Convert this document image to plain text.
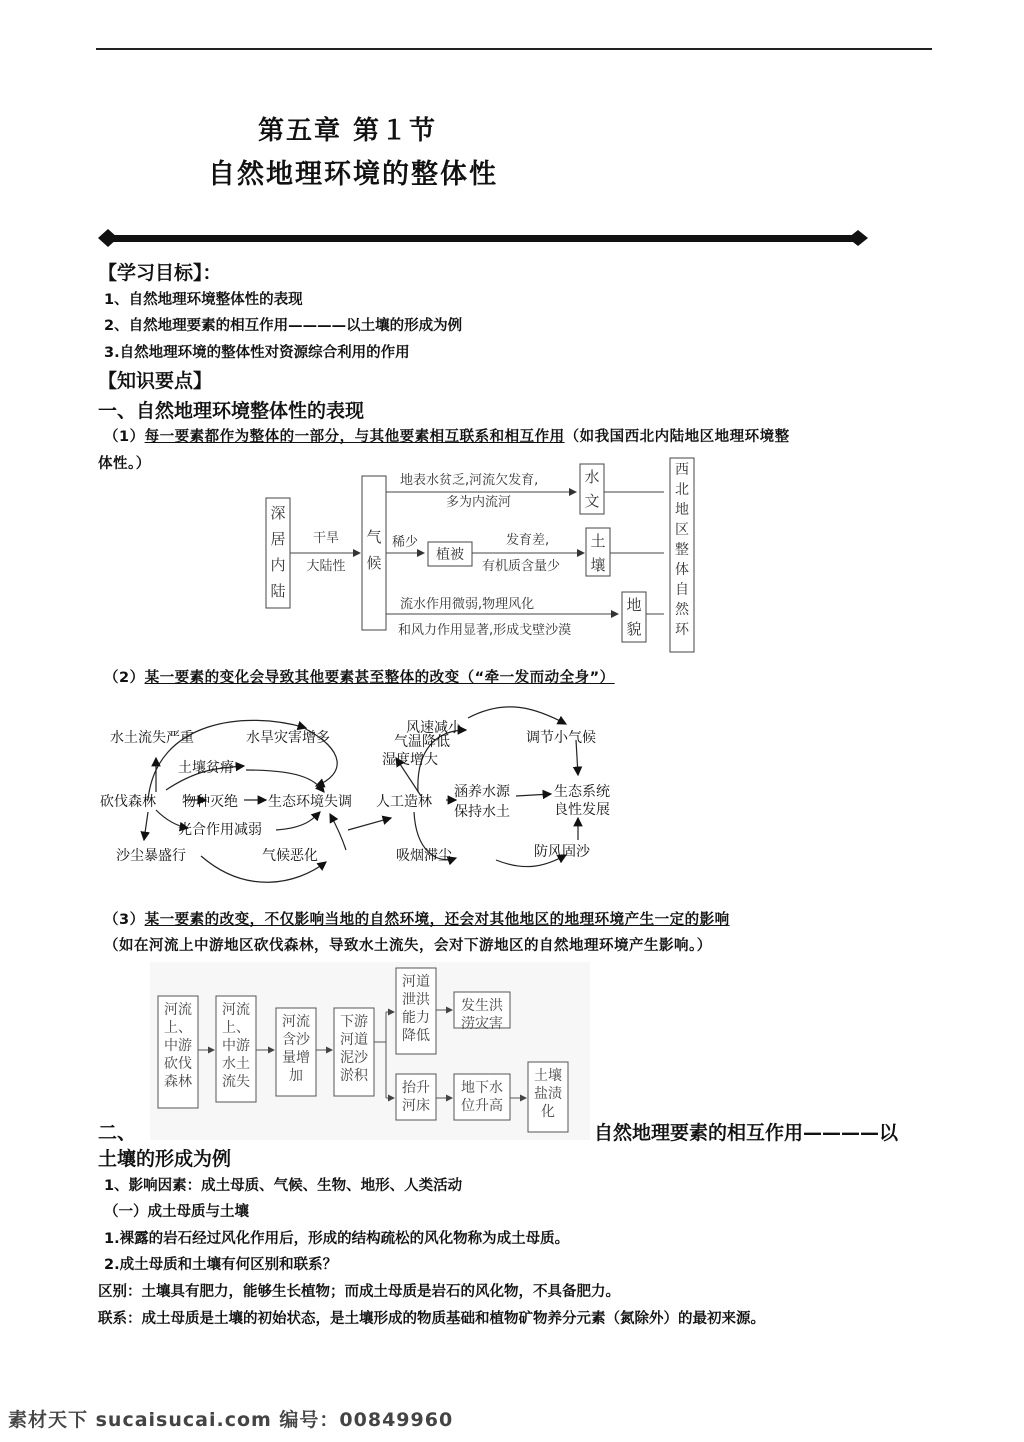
第五章 第１节
自然地理环境的整体性
【学习目标】：
1、自然地理环境整体性的表现
2、自然地理要素的相互作用————以土壤的形成为例
3.自然地理环境的整体性对资源综合利用的作用
【知识要点】
一、自然地理环境整体性的表现
（1）每一要素都作为整体的一部分，与其他要素相互联系和相互作用（如我国西北内陆地区地理环境整
体性。）
深
居
内
陆
干旱
大陆性
气
候
地表水贫乏,河流欠发育,
多为内流河
水
文
稀少
植被
发育差,
有机质含量少
土
壤
流水作用微弱,物理风化
和风力作用显著,形成戈壁沙漠
地
貌
西
北
地
区
整
体
自
然
环
（2）某一要素的变化会导致其他要素甚至整体的改变（“牵一发而动全身”）
水土流失严重	水旱灾害增多
土壤贫瘠
砍伐森林 物种灭绝 生态环境失调
光合作用减弱
沙尘暴盛行	气候恶化
风速减小
气温降低
湿度增大
调节小气候
人工造林
涵养水源
保持水土
生态系统
良性发展
吸烟滞尘	防风固沙
（3）某一要素的改变，不仅影响当地的自然环境，还会对其他地区的地理环境产生一定的影响
（如在河流上中游地区砍伐森林，导致水土流失，会对下游地区的自然地理环境产生影响。）
河流
上、
中游
砍伐
森林
河流
上、
中游
水土
流失
河流
含沙
量增
加
下游
河道
泥沙
淤积
河道
泄洪
能力
降低
发生洪
涝灾害
抬升
河床
地下水
位升高
土壤
盐渍
化
二、	自然地理要素的相互作用————以
土壤的形成为例
1、影响因素：成土母质、气候、生物、地形、人类活动
（一）成土母质与土壤
1.裸露的岩石经过风化作用后，形成的结构疏松的风化物称为成土母质。
2.成土母质和土壤有何区别和联系？
区别：土壤具有肥力，能够生长植物；而成土母质是岩石的风化物，不具备肥力。
联系：成土母质是土壤的初始状态，是土壤形成的物质基础和植物矿物养分元素（氮除外）的最初来源。
素材天下 sucaisucai.com 编号：00849960
